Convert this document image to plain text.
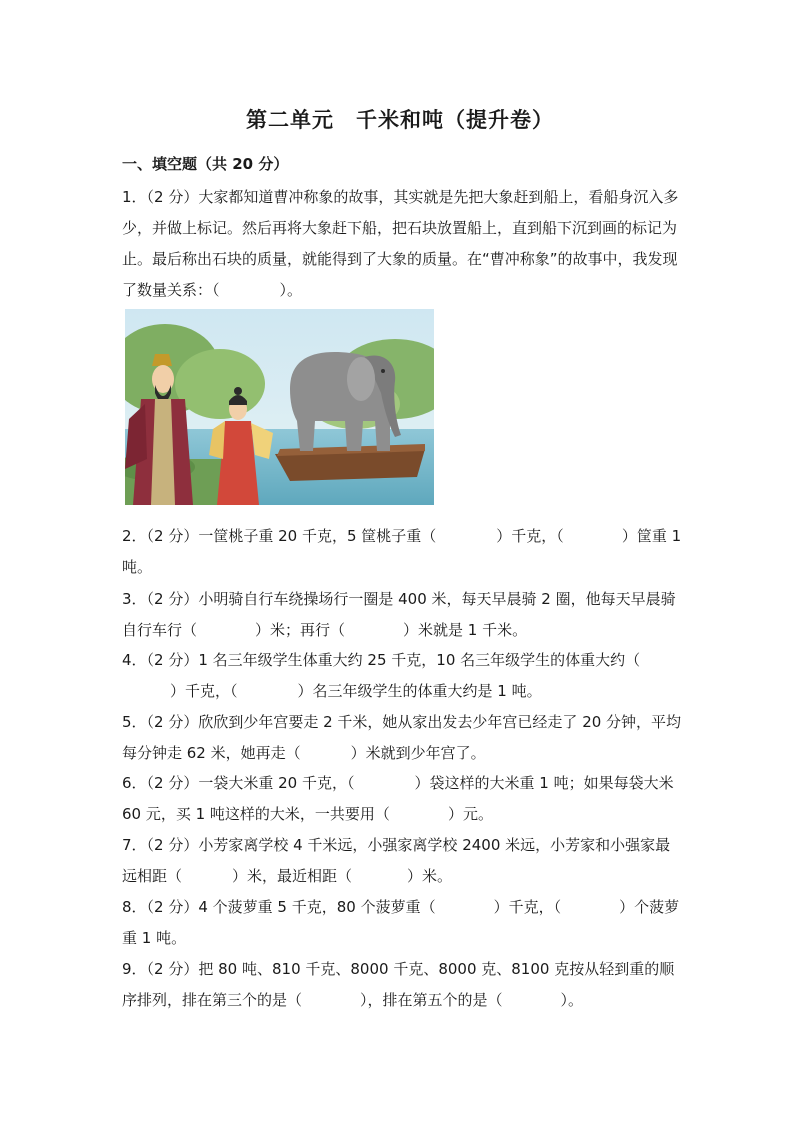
第二单元　千米和吨（提升卷）
一、填空题（共 20 分）

1．（2 分）大家都知道曹冲称象的故事，其实就是先把大象赶到船上，看船身沉入多少，并做上标记。然后再将大象赶下船，把石块放置船上，直到船下沉到画的标记为止。最后称出石块的质量，就能得到了大象的质量。在“曹冲称象”的故事中，我发现了数量关系：（	）。

2．（2 分）一筐桃子重 20 千克，5 筐桃子重（	）千克，（	）筐重 1 吨。

3．（2 分）小明骑自行车绕操场行一圈是 400 米，每天早晨骑 2 圈，他每天早晨骑自行车行（	）米；再行（	）米就是 1 千米。

4．（2 分）1 名三年级学生体重大约 25 千克，10 名三年级学生的体重大约（）千克，（	）名三年级学生的体重大约是 1 吨。

5．（2 分）欣欣到少年宫要走 2 千米，她从家出发去少年宫已经走了 20 分钟，平均每分钟走 62 米，她再走（	）米就到少年宫了。

6．（2 分）一袋大米重 20 千克，（	）袋这样的大米重 1 吨；如果每袋大米 60 元，买 1 吨这样的大米，一共要用（	）元。

7．（2 分）小芳家离学校 4 千米远，小强家离学校 2400 米远，小芳家和小强家最远相距（	）米，最近相距（	）米。

8．（2 分）4 个菠萝重 5 千克，80 个菠萝重（	）千克，（	）个菠萝重 1 吨。

9．（2 分）把 80 吨、810 千克、8000 千克、8000 克、8100 克按从轻到重的顺序排列，排在第三个的是（	），排在第五个的是（	）。
